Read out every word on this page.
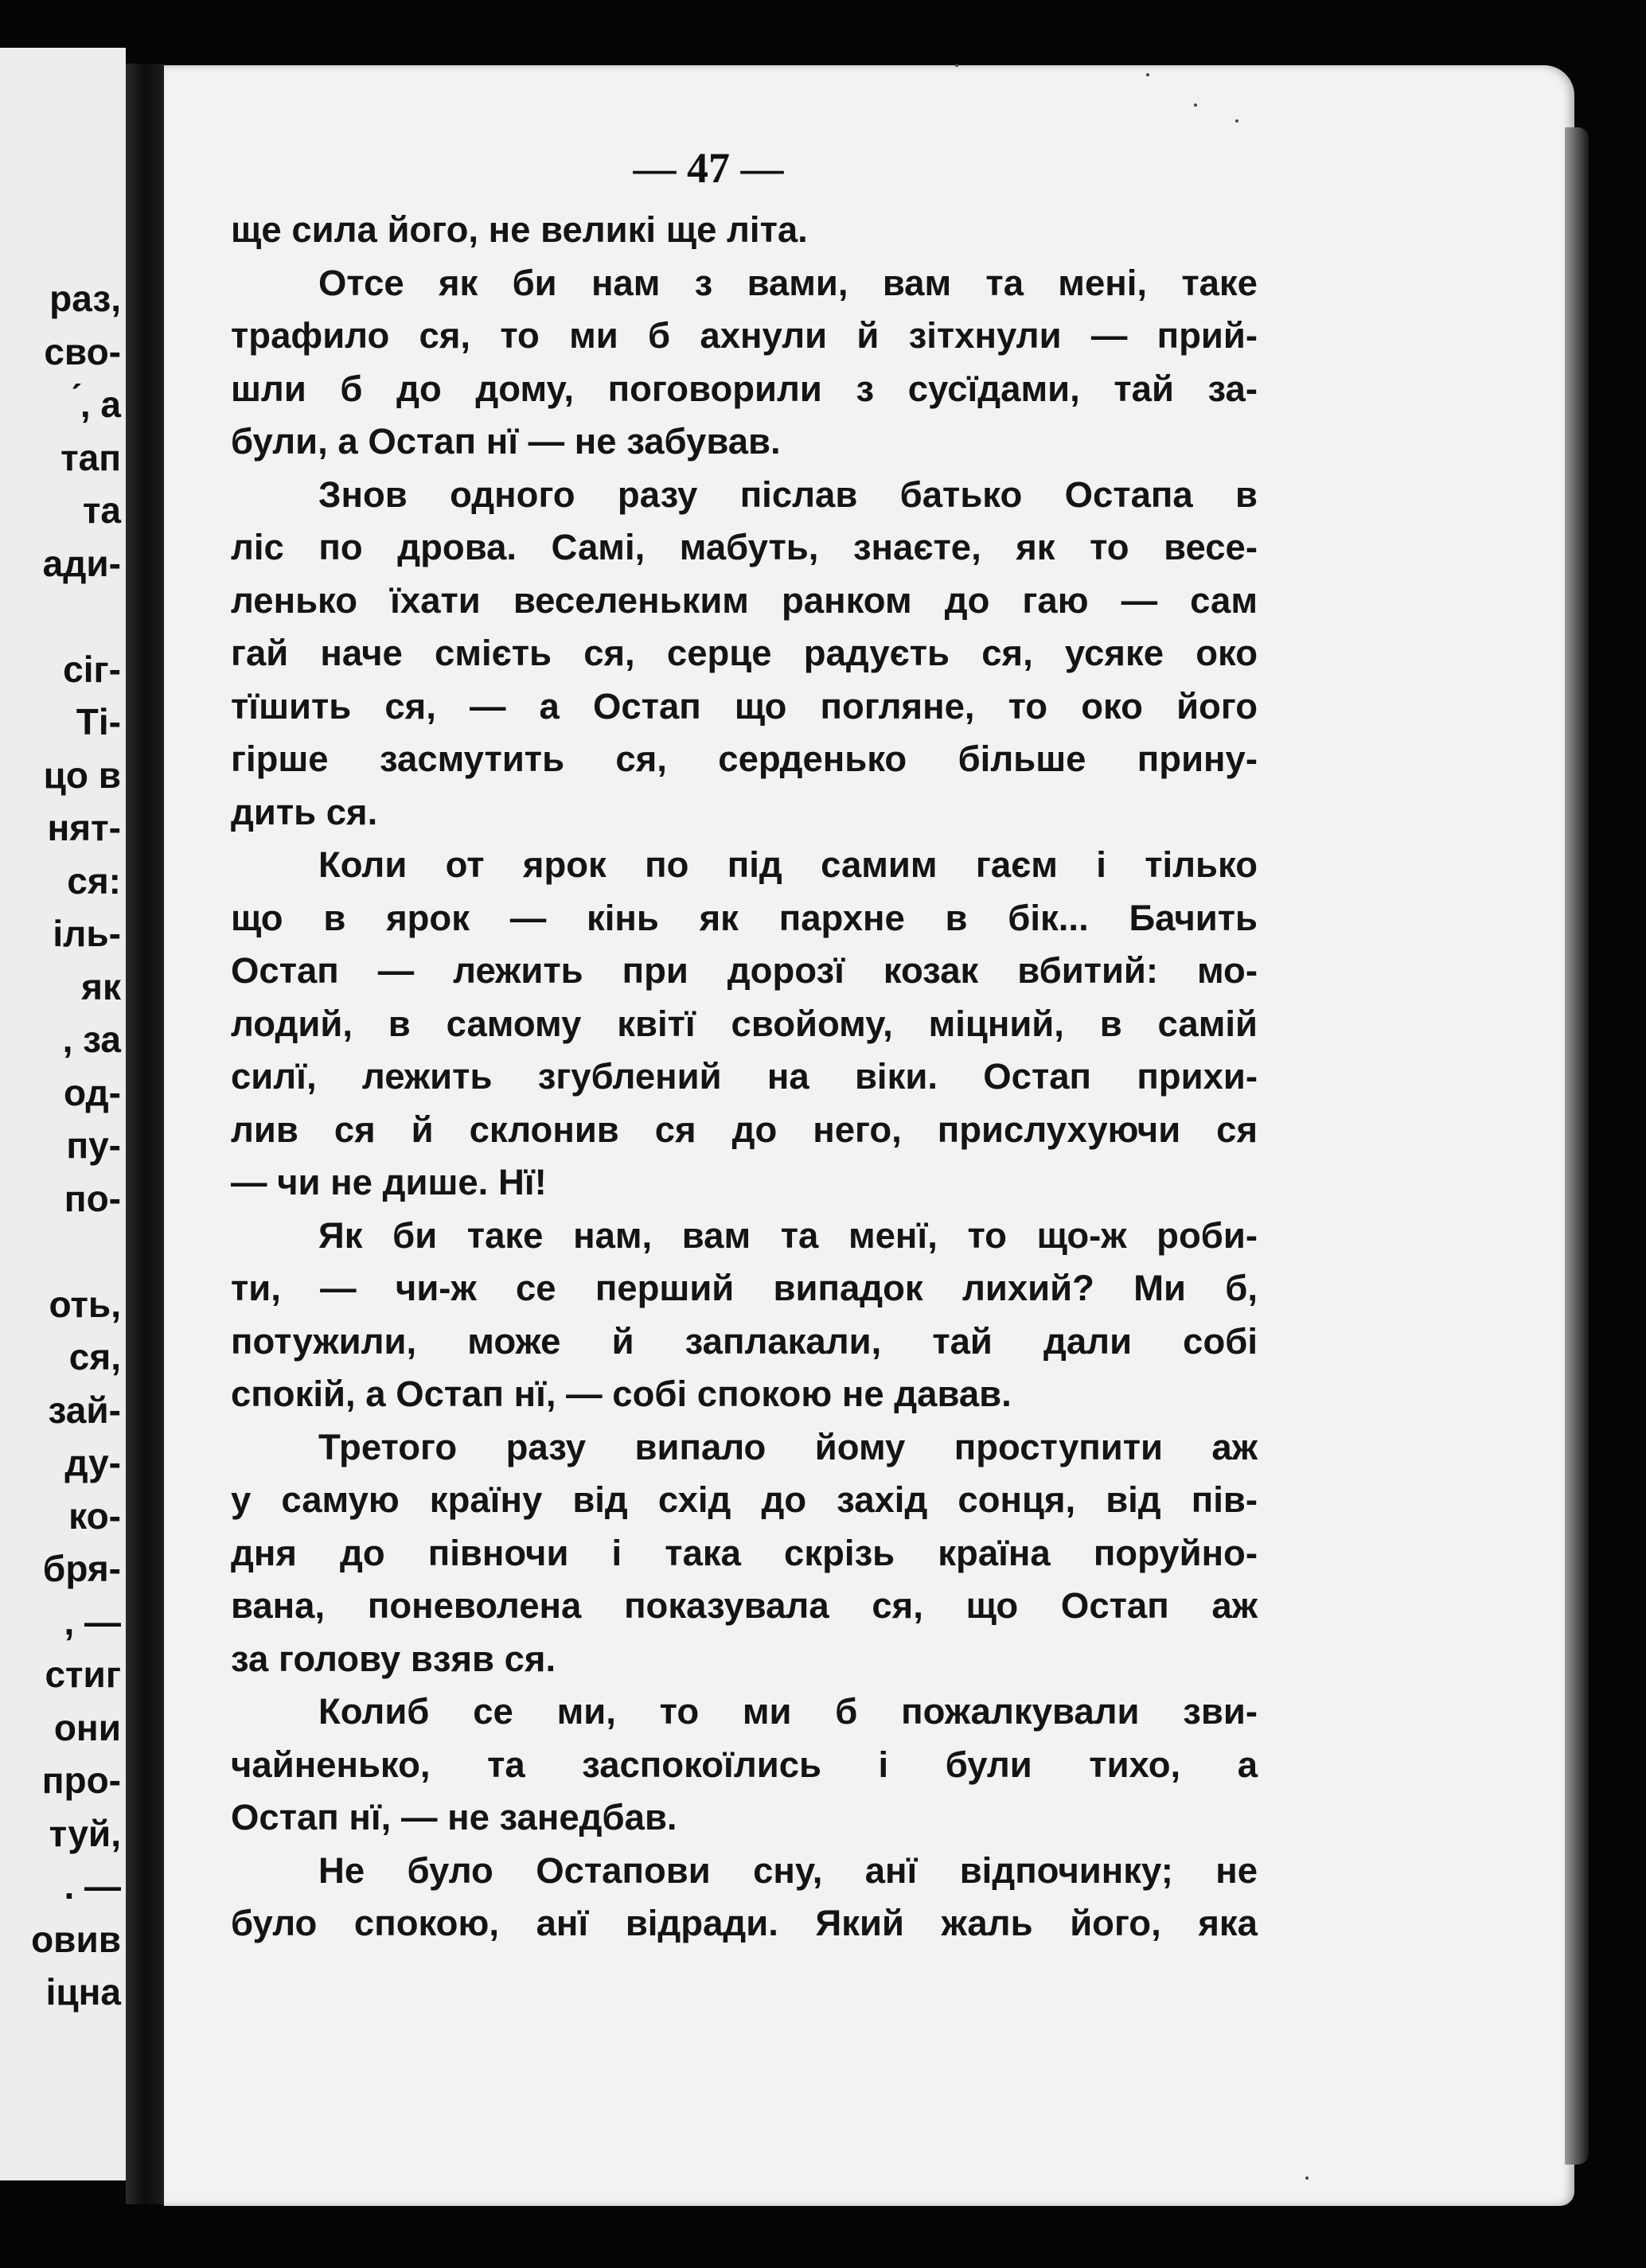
раз,
сво-
́, а
тап
та
ади-
сіг-
Ті-
цо в
нят-
ся:
іль-
як
, за
од-
пу-
по-
оть,
ся,
зай-
ду-
ко-
бря-
, —
стиг
они
про-
туй,
. —
овив
іцна
— 47 —
ще сила його, не великі ще літа.
Отсе як би нам з вами, вам та мені, таке
трафило ся, то ми б ахнули й зітхнули — прий-
шли б до дому, поговорили з сусїдами, тай за-
були, а Остап нї — не забував.
Знов одного разу післав батько Остапа в
ліс по дрова. Самі, мабуть, знаєте, як то весе-
ленько їхати веселеньким ранком до гаю — сам
гай наче смієть ся, серце радуєть ся, усяке око
тїшить ся, — а Остап що погляне, то око його
гірше засмутить ся, серденько більше прину-
дить ся.
Коли от ярок по під самим гаєм і тілько
що в ярок — кінь як пархне в бік... Бачить
Остап — лежить при дорозї козак вбитий: мо-
лодий, в самому квітї свойому, міцний, в самій
силї, лежить згублений на віки. Остап прихи-
лив ся й склонив ся до него, прислухуючи ся
— чи не дише. Нї!
Як би таке нам, вам та менї, то що-ж роби-
ти, — чи-ж се перший випадок лихий? Ми б,
потужили, може й заплакали, тай дали собі
спокій, а Остап нї, — собі спокою не давав.
Третого разу випало йому проступити аж
у самую країну від схід до захід сонця, від пів-
дня до півночи і така скрізь країна поруйно-
вана, поневолена показувала ся, що Остап аж
за голову взяв ся.
Колиб се ми, то ми б пожалкували зви-
чайненько, та заспокоїлись і були тихо, а
Остап нї, — не занедбав.
Не було Остапови сну, анї відпочинку; не
було спокою, анї відради. Який жаль його, яка
